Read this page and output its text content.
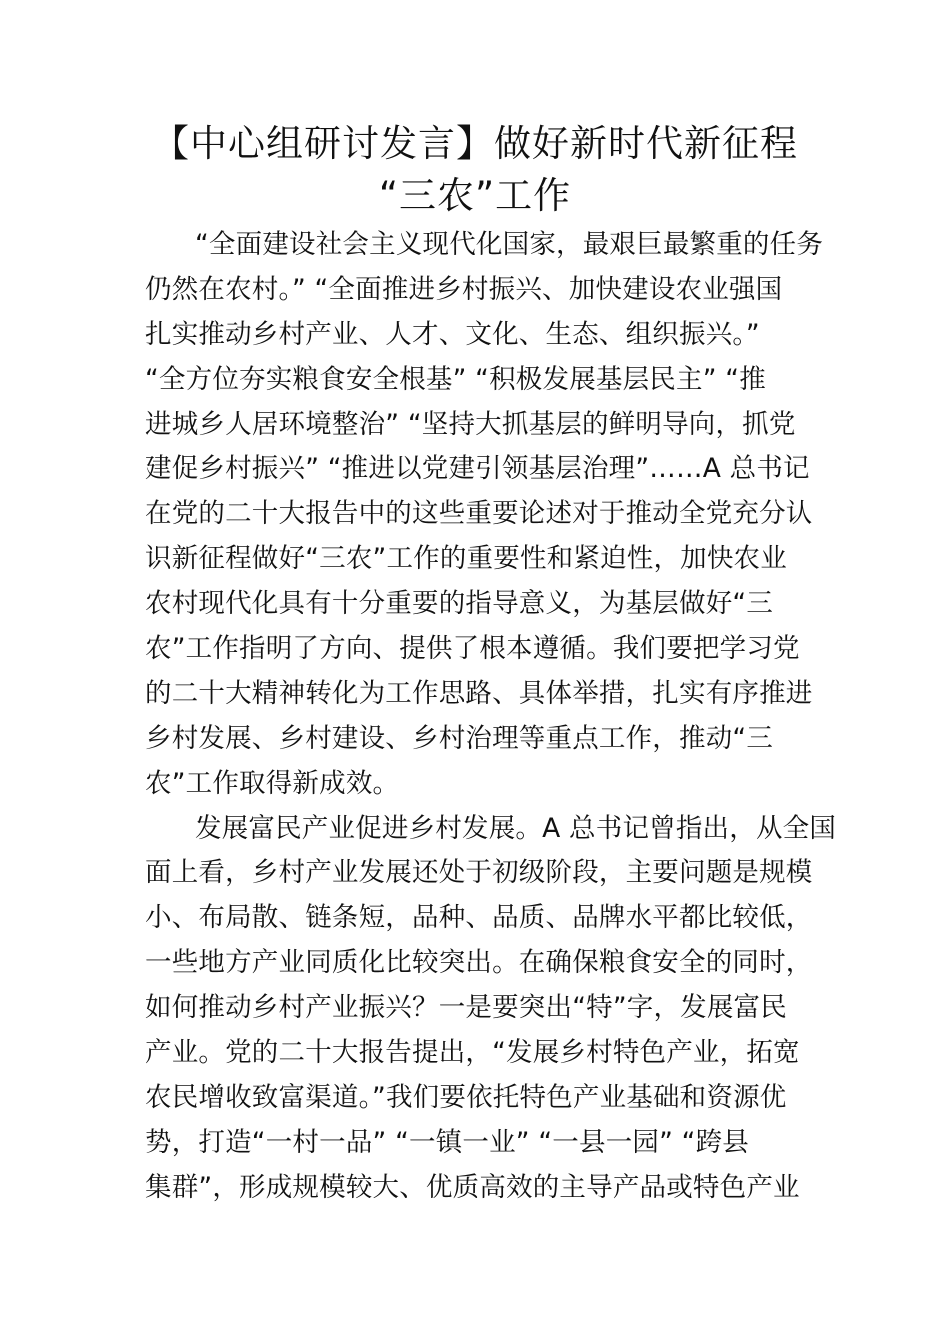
【中心组研讨发言】做好新时代新征程
“三农”工作
“全面建设社会主义现代化国家，最艰巨最繁重的任务
仍然在农村。” “全面推进乡村振兴、加快建设农业强国
扎实推动乡村产业、人才、文化、生态、组织振兴。”
“全方位夯实粮食安全根基” “积极发展基层民主” “推
进城乡人居环境整治” “坚持大抓基层的鲜明导向，抓党
建促乡村振兴” “推进以党建引领基层治理”……A 总书记
在党的二十大报告中的这些重要论述对于推动全党充分认
识新征程做好“三农”工作的重要性和紧迫性，加快农业
农村现代化具有十分重要的指导意义，为基层做好“三
农”工作指明了方向、提供了根本遵循。我们要把学习党
的二十大精神转化为工作思路、具体举措，扎实有序推进
乡村发展、乡村建设、乡村治理等重点工作，推动“三
农”工作取得新成效。
发展富民产业促进乡村发展。A 总书记曾指出，从全国
面上看，乡村产业发展还处于初级阶段，主要问题是规模
小、布局散、链条短，品种、品质、品牌水平都比较低，
一些地方产业同质化比较突出。在确保粮食安全的同时，
如何推动乡村产业振兴？一是要突出“特”字，发展富民
产业。党的二十大报告提出，“发展乡村特色产业，拓宽
农民增收致富渠道。”我们要依托特色产业基础和资源优
势，打造“一村一品” “一镇一业” “一县一园” “跨县
集群”，形成规模较大、优质高效的主导产品或特色产业
